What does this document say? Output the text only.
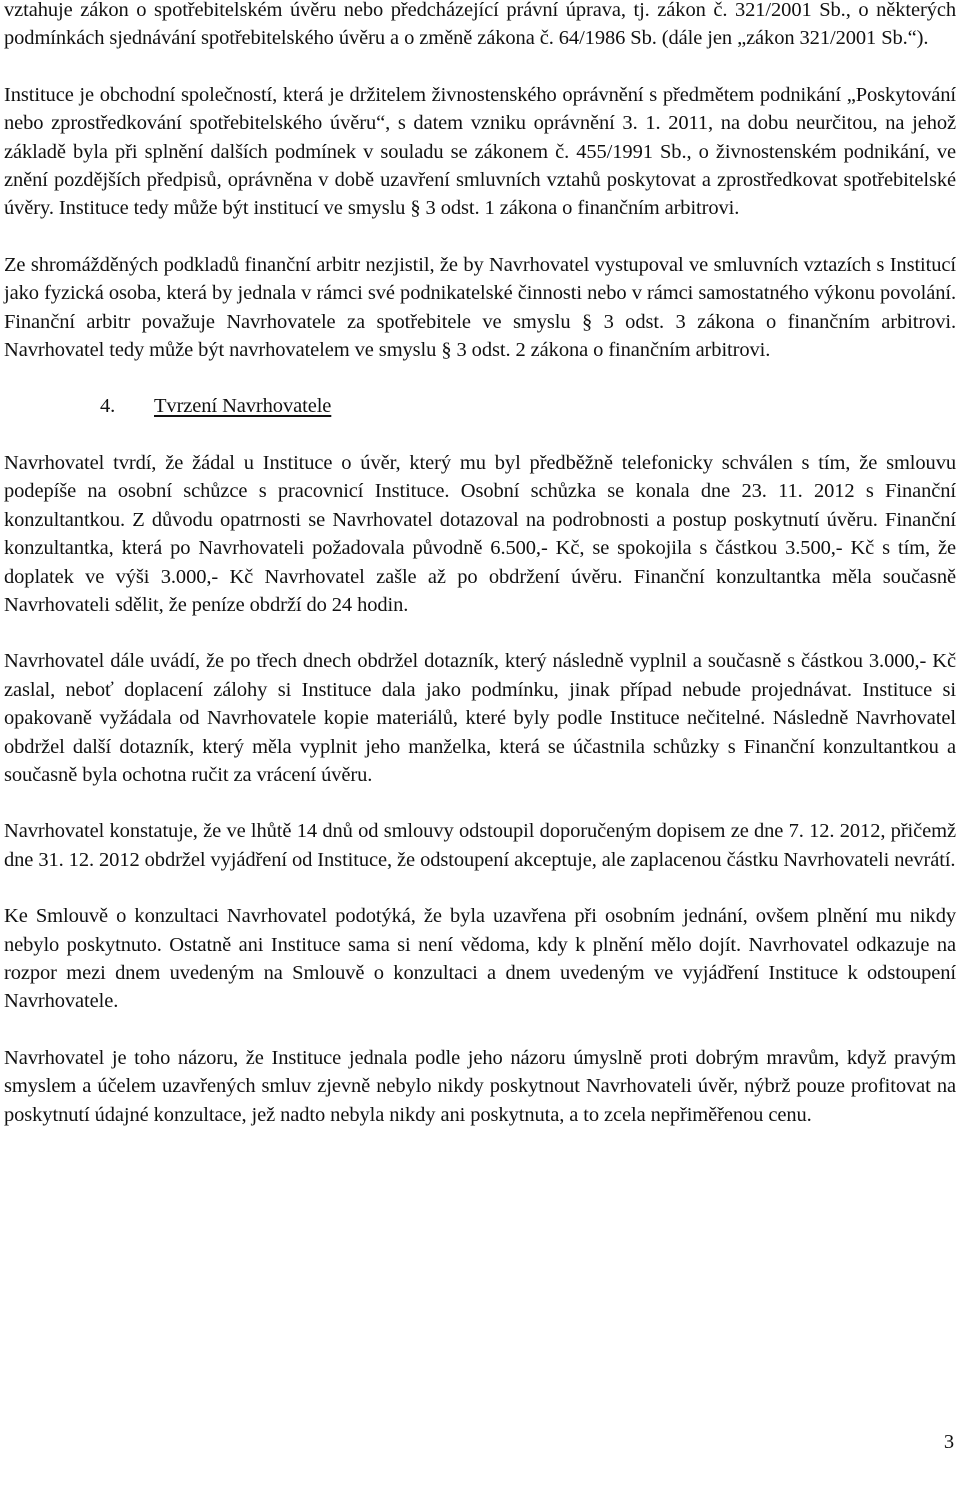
vztahuje zákon o spotřebitelském úvěru nebo předcházející právní úprava, tj. zákon č. 321/2001 Sb., o některých podmínkách sjednávání spotřebitelského úvěru a o změně zákona č. 64/1986 Sb. (dále jen „zákon 321/2001 Sb.“).

Instituce je obchodní společností, která je držitelem živnostenského oprávnění s předmětem podnikání „Poskytování nebo zprostředkování spotřebitelského úvěru“, s datem vzniku oprávnění 3. 1. 2011, na dobu neurčitou, na jehož základě byla při splnění dalších podmínek v souladu se zákonem č. 455/1991 Sb., o živnostenském podnikání, ve znění pozdějších předpisů, oprávněna v době uzavření smluvních vztahů poskytovat a zprostředkovat spotřebitelské úvěry. Instituce tedy může být institucí ve smyslu § 3 odst. 1 zákona o finančním arbitrovi.

Ze shromážděných podkladů finanční arbitr nezjistil, že by Navrhovatel vystupoval ve smluvních vztazích s Institucí jako fyzická osoba, která by jednala v rámci své podnikatelské činnosti nebo v rámci samostatného výkonu povolání. Finanční arbitr považuje Navrhovatele za spotřebitele ve smyslu § 3 odst. 3 zákona o finančním arbitrovi. Navrhovatel tedy může být navrhovatelem ve smyslu § 3 odst. 2 zákona o finančním arbitrovi.

4. Tvrzení Navrhovatele

Navrhovatel tvrdí, že žádal u Instituce o úvěr, který mu byl předběžně telefonicky schválen s tím, že smlouvu podepíše na osobní schůzce s pracovnicí Instituce. Osobní schůzka se konala dne 23. 11. 2012 s Finanční konzultantkou. Z důvodu opatrnosti se Navrhovatel dotazoval na podrobnosti a postup poskytnutí úvěru. Finanční konzultantka, která po Navrhovateli požadovala původně 6.500,- Kč, se spokojila s částkou 3.500,- Kč s tím, že doplatek ve výši 3.000,- Kč Navrhovatel zašle až po obdržení úvěru. Finanční konzultantka měla současně Navrhovateli sdělit, že peníze obdrží do 24 hodin.

Navrhovatel dále uvádí, že po třech dnech obdržel dotazník, který následně vyplnil a současně s částkou 3.000,- Kč zaslal, neboť doplacení zálohy si Instituce dala jako podmínku, jinak případ nebude projednávat. Instituce si opakovaně vyžádala od Navrhovatele kopie materiálů, které byly podle Instituce nečitelné. Následně Navrhovatel obdržel další dotazník, který měla vyplnit jeho manželka, která se účastnila schůzky s Finanční konzultantkou a současně byla ochotna ručit za vrácení úvěru.

Navrhovatel konstatuje, že ve lhůtě 14 dnů od smlouvy odstoupil doporučeným dopisem ze dne 7. 12. 2012, přičemž dne 31. 12. 2012 obdržel vyjádření od Instituce, že odstoupení akceptuje, ale zaplacenou částku Navrhovateli nevrátí.

Ke Smlouvě o konzultaci Navrhovatel podotýká, že byla uzavřena při osobním jednání, ovšem plnění mu nikdy nebylo poskytnuto. Ostatně ani Instituce sama si není vědoma, kdy k plnění mělo dojít. Navrhovatel odkazuje na rozpor mezi dnem uvedeným na Smlouvě o konzultaci a dnem uvedeným ve vyjádření Instituce k odstoupení Navrhovatele.

Navrhovatel je toho názoru, že Instituce jednala podle jeho názoru úmyslně proti dobrým mravům, když pravým smyslem a účelem uzavřených smluv zjevně nebylo nikdy poskytnout Navrhovateli úvěr, nýbrž pouze profitovat na poskytnutí údajné konzultace, jež nadto nebyla nikdy ani poskytnuta, a to zcela nepřiměřenou cenu.

3
